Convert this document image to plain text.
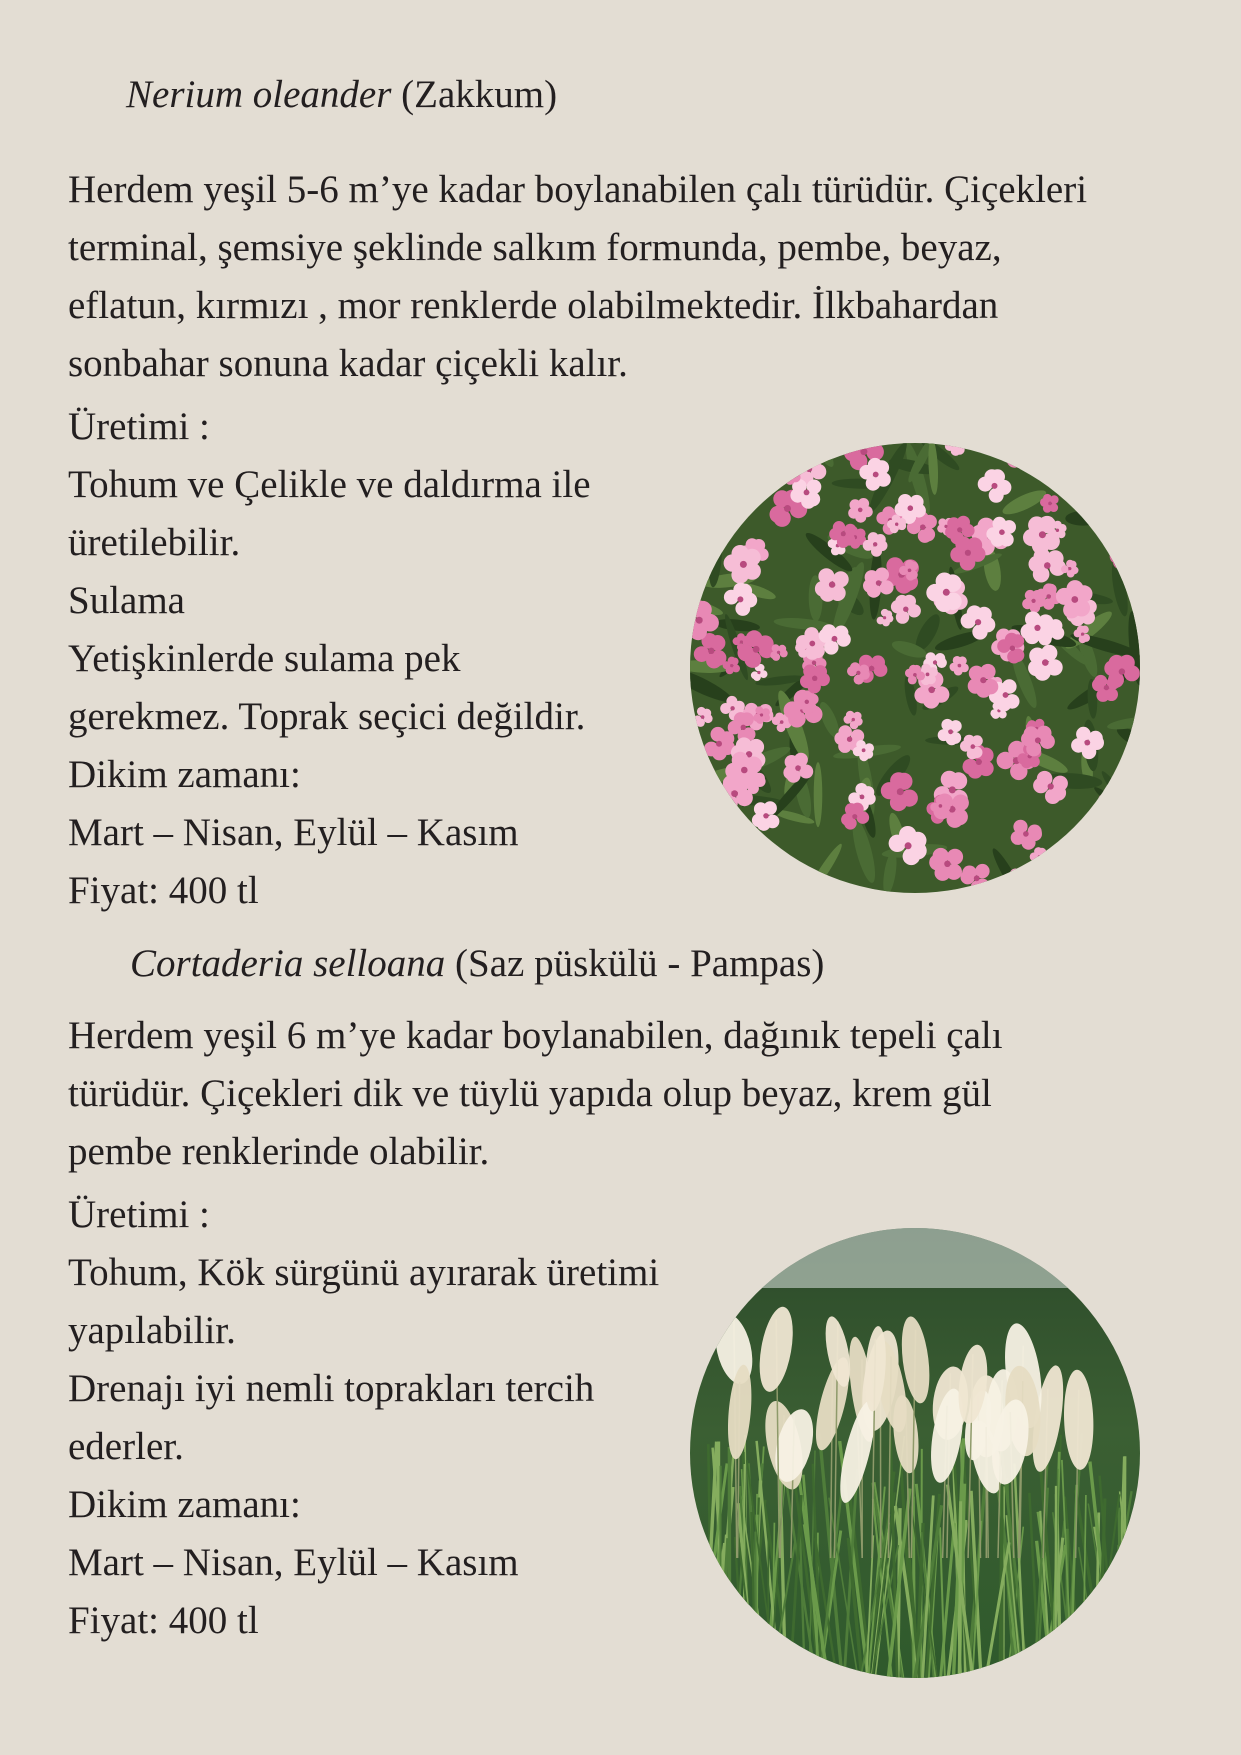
Nerium oleander (Zakkum)
Herdem yeşil 5-6 m’ye kadar boylanabilen çalı türüdür. Çiçekleri
terminal, şemsiye şeklinde salkım formunda, pembe, beyaz,
eflatun, kırmızı , mor renklerde olabilmektedir. İlkbahardan
sonbahar sonuna kadar çiçekli kalır.
Üretimi :
Tohum ve Çelikle ve daldırma ile
üretilebilir.
Sulama
Yetişkinlerde sulama pek
gerekmez. Toprak seçici değildir.
Dikim zamanı:
Mart – Nisan, Eylül – Kasım
Fiyat: 400 tl
Cortaderia selloana (Saz püskülü - Pampas)
Herdem yeşil 6 m’ye kadar boylanabilen, dağınık tepeli çalı
türüdür. Çiçekleri dik ve tüylü yapıda olup beyaz, krem gül
pembe renklerinde olabilir.
Üretimi :
Tohum, Kök sürgünü ayırarak üretimi
yapılabilir.
Drenajı iyi nemli toprakları tercih
ederler.
Dikim zamanı:
Mart – Nisan, Eylül – Kasım
Fiyat: 400 tl
